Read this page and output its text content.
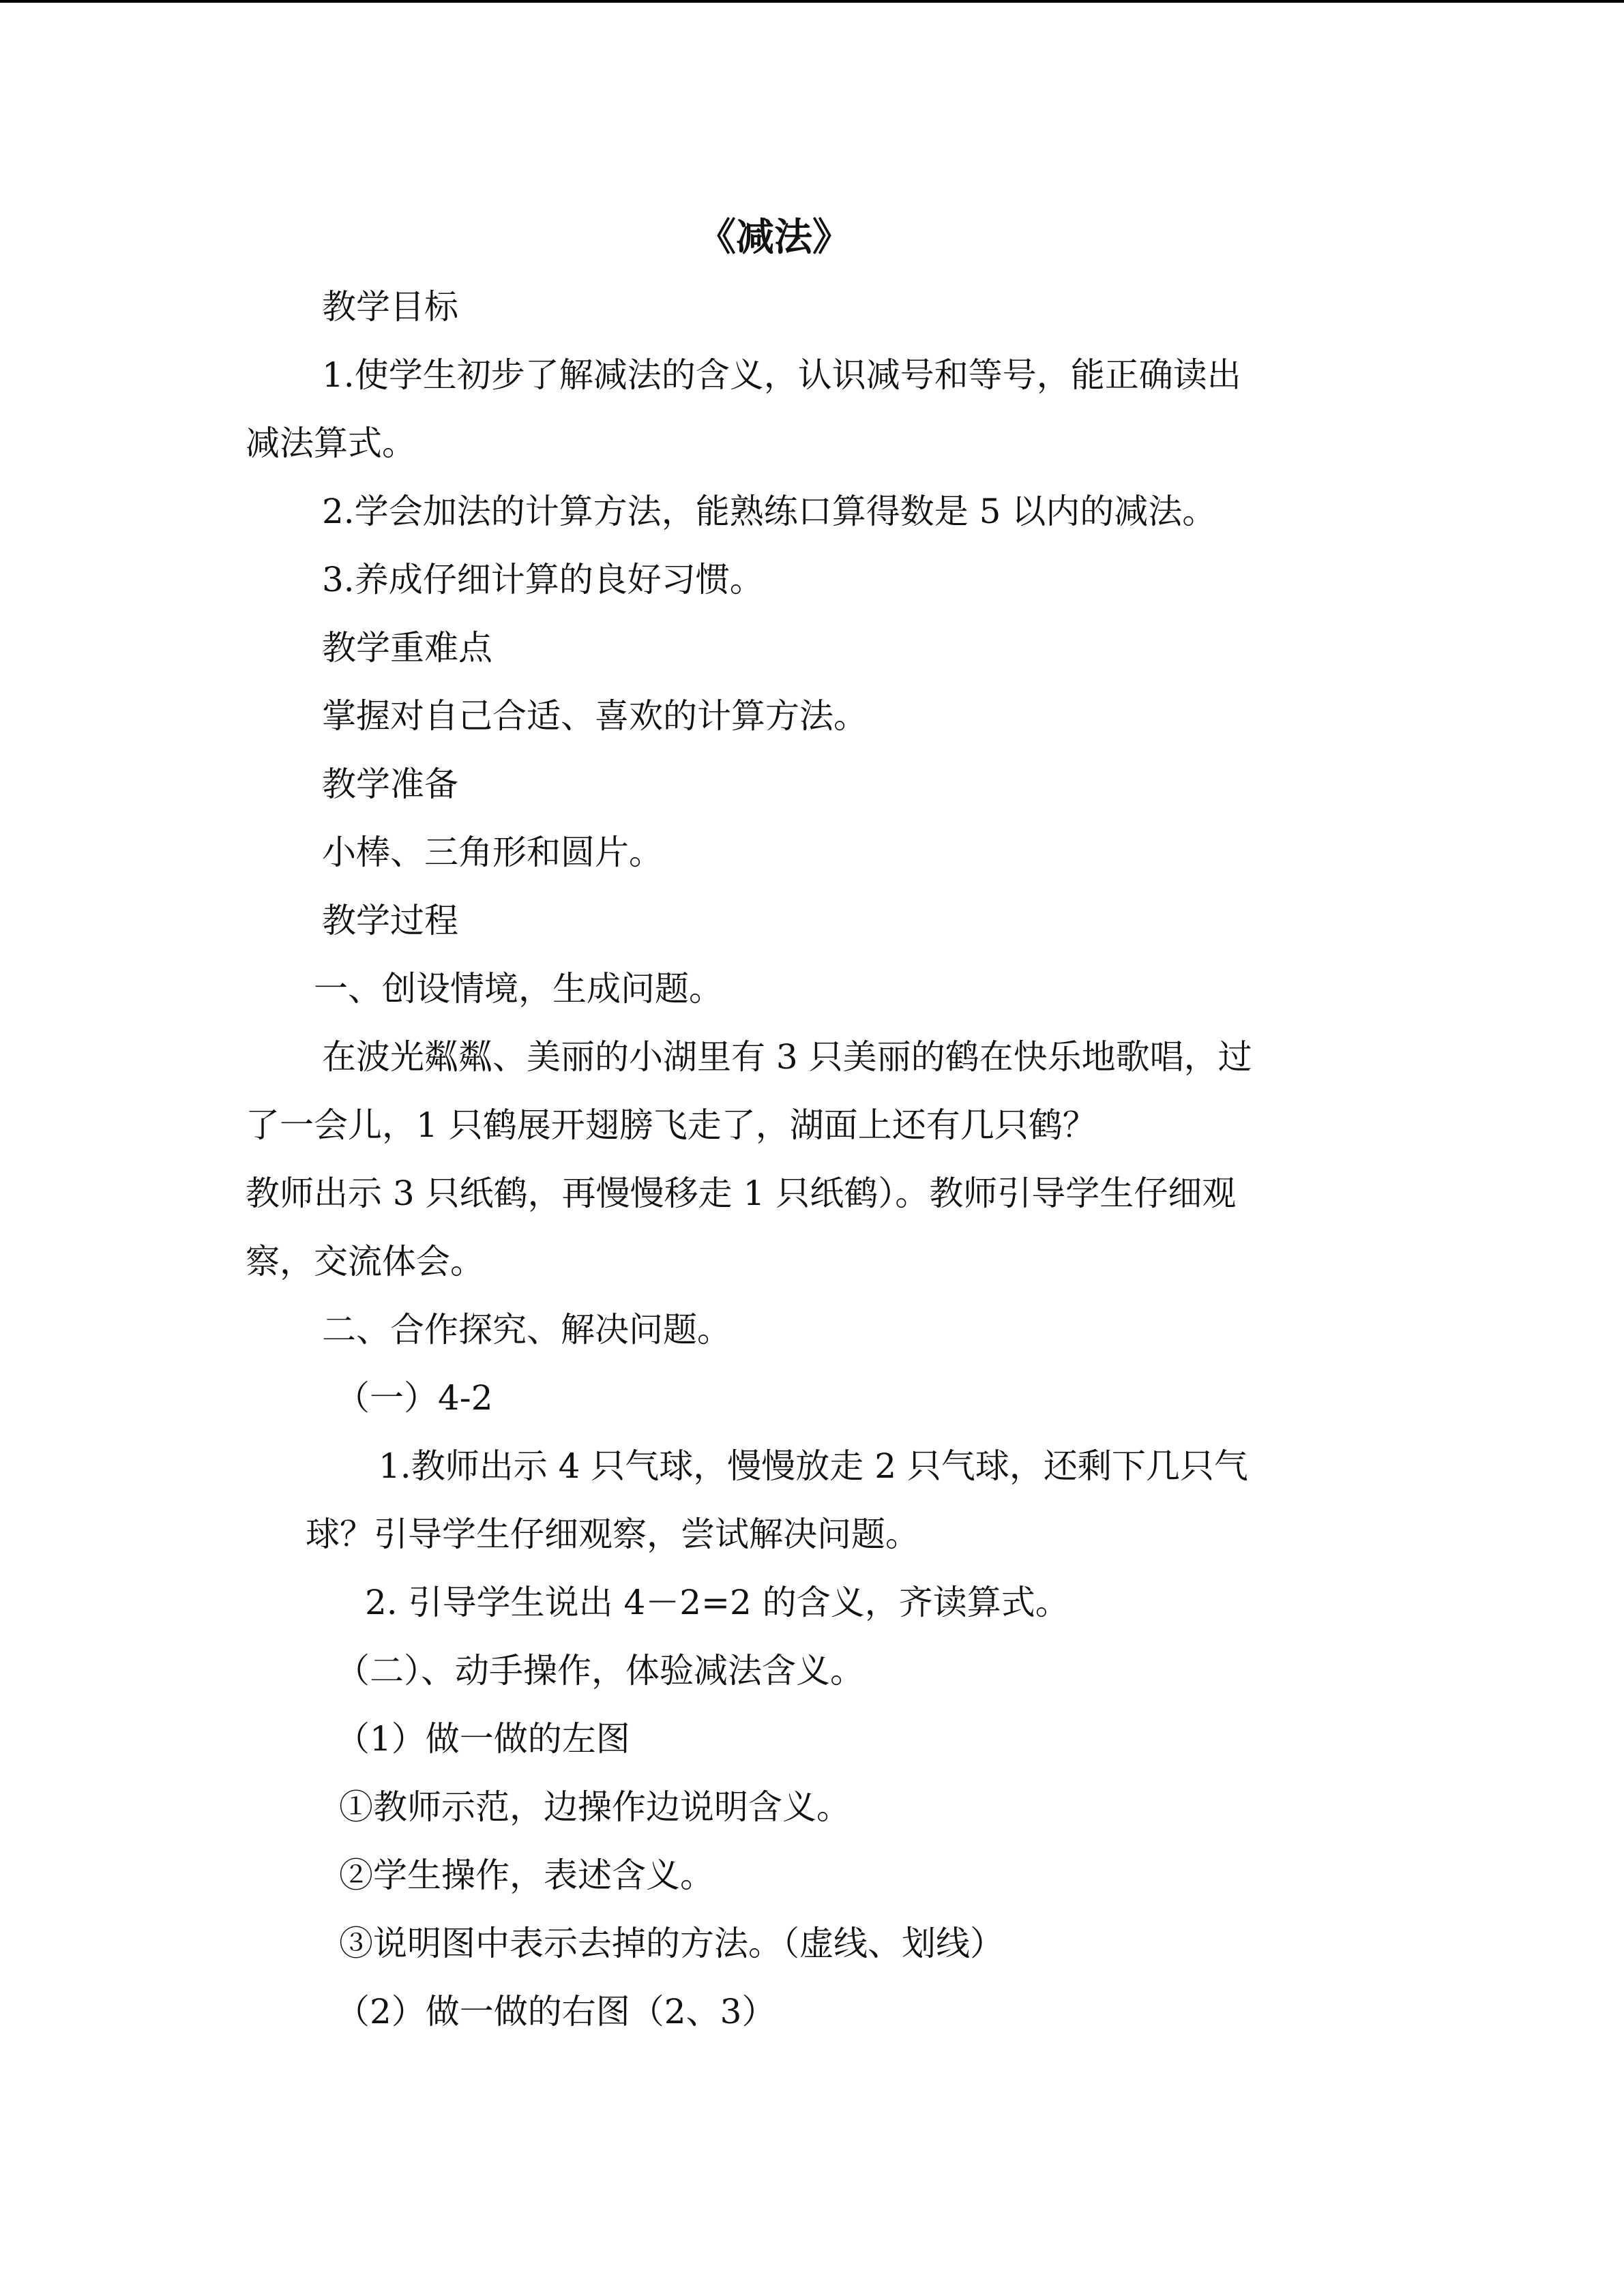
《减法》
教学目标
1.使学生初步了解减法的含义，认识减号和等号，能正确读出
减法算式。
2.学会加法的计算方法，能熟练口算得数是 5 以内的减法。
3.养成仔细计算的良好习惯。
教学重难点
掌握对自己合适、喜欢的计算方法。
教学准备
小棒、三角形和圆片。
教学过程
一、创设情境，生成问题。
在波光粼粼、美丽的小湖里有 3 只美丽的鹤在快乐地歌唱，过
了一会儿，1 只鹤展开翅膀飞走了，湖面上还有几只鹤？
教师出示 3 只纸鹤，再慢慢移走 1 只纸鹤）。教师引导学生仔细观
察，交流体会。
二、合作探究、解决问题。
（一）4-2
1.教师出示 4 只气球，慢慢放走 2 只气球，还剩下几只气
球？引导学生仔细观察，尝试解决问题。
2. 引导学生说出 4－2=2 的含义，齐读算式。
（二）、动手操作，体验减法含义。
（1）做一做的左图
①教师示范，边操作边说明含义。
②学生操作，表述含义。
③说明图中表示去掉的方法。（虚线、划线）
（2）做一做的右图（2、3）
